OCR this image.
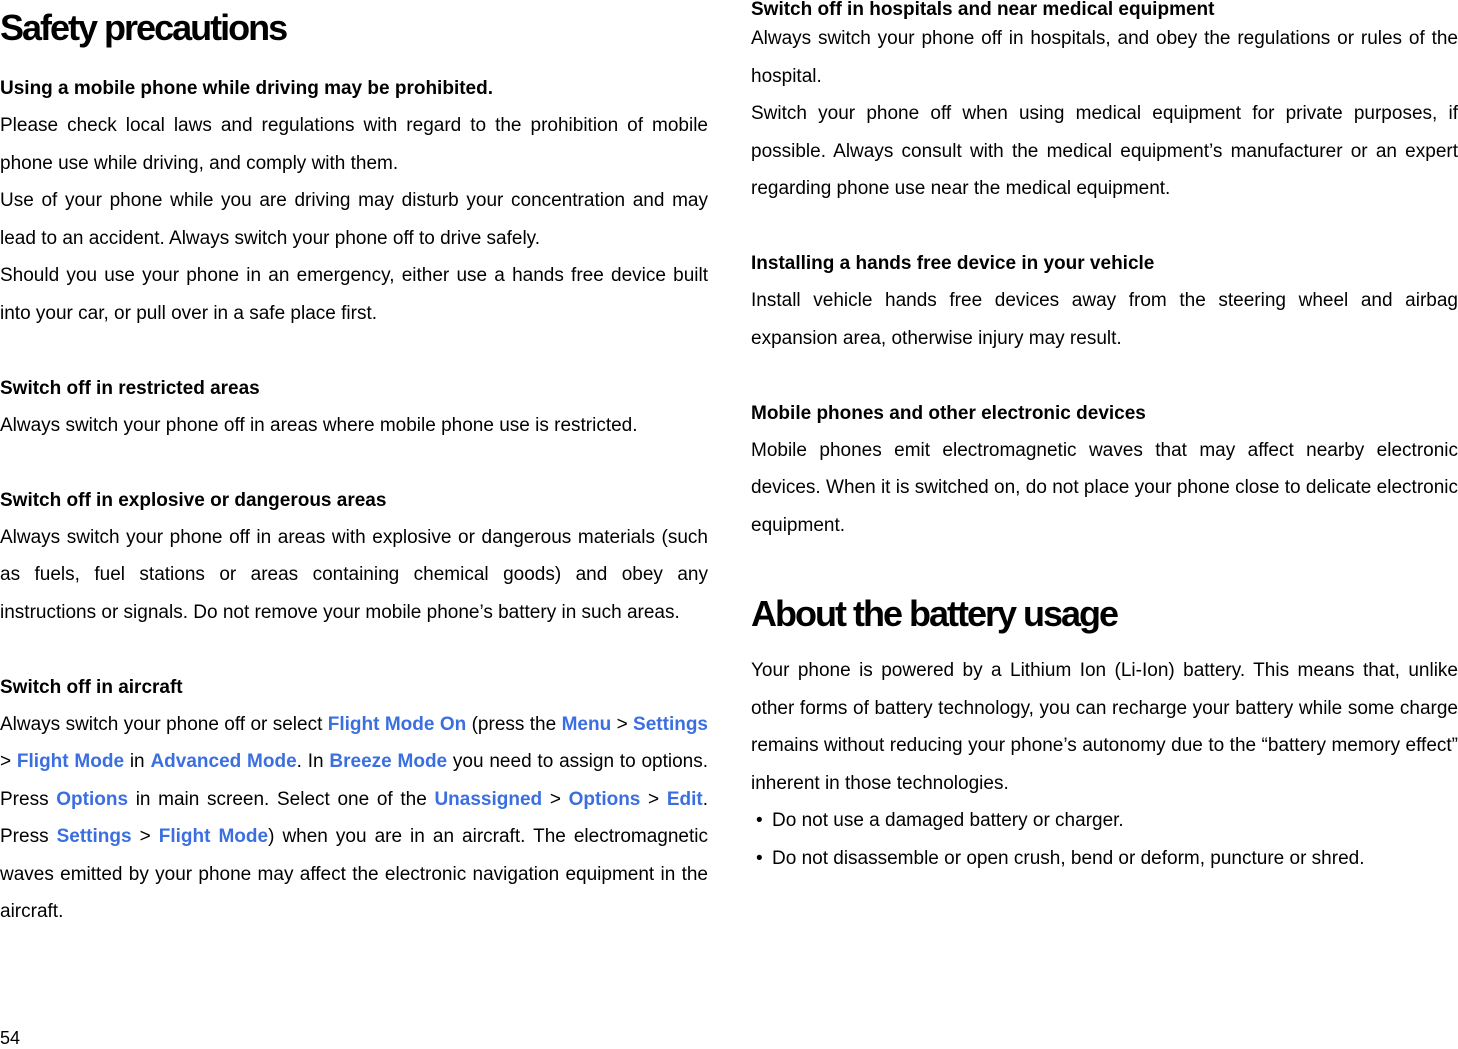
Safety precautions
Using a mobile phone while driving may be prohibited.
Please check local laws and regulations with regard to the prohibition of mobile phone use while driving, and comply with them.
Use of your phone while you are driving may disturb your concentration and may lead to an accident. Always switch your phone off to drive safely.
Should you use your phone in an emergency, either use a hands free device built into your car, or pull over in a safe place first.
Switch off in restricted areas
Always switch your phone off in areas where mobile phone use is restricted.
Switch off in explosive or dangerous areas
Always switch your phone off in areas with explosive or dangerous materials (such as fuels, fuel stations or areas containing chemical goods) and obey any instructions or signals. Do not remove your mobile phone’s battery in such areas.
Switch off in aircraft
Always switch your phone off or select Flight Mode On (press the Menu > Settings > Flight Mode in Advanced Mode. In Breeze Mode you need to assign to options. Press Options in main screen. Select one of the Unassigned > Options > Edit. Press Settings > Flight Mode) when you are in an aircraft. The electromagnetic waves emitted by your phone may affect the electronic navigation equipment in the aircraft.
Switch off in hospitals and near medical equipment
Always switch your phone off in hospitals, and obey the regulations or rules of the hospital.
Switch your phone off when using medical equipment for private purposes, if possible. Always consult with the medical equipment’s manufacturer or an expert regarding phone use near the medical equipment.
Installing a hands free device in your vehicle
Install vehicle hands free devices away from the steering wheel and airbag expansion area, otherwise injury may result.
Mobile phones and other electronic devices
Mobile phones emit electromagnetic waves that may affect nearby electronic devices. When it is switched on, do not place your phone close to delicate electronic equipment.
About the battery usage
Your phone is powered by a Lithium Ion (Li-Ion) battery. This means that, unlike other forms of battery technology, you can recharge your battery while some charge remains without reducing your phone’s autonomy due to the “battery memory effect” inherent in those technologies.
• Do not use a damaged battery or charger.
• Do not disassemble or open crush, bend or deform, puncture or shred.
54
